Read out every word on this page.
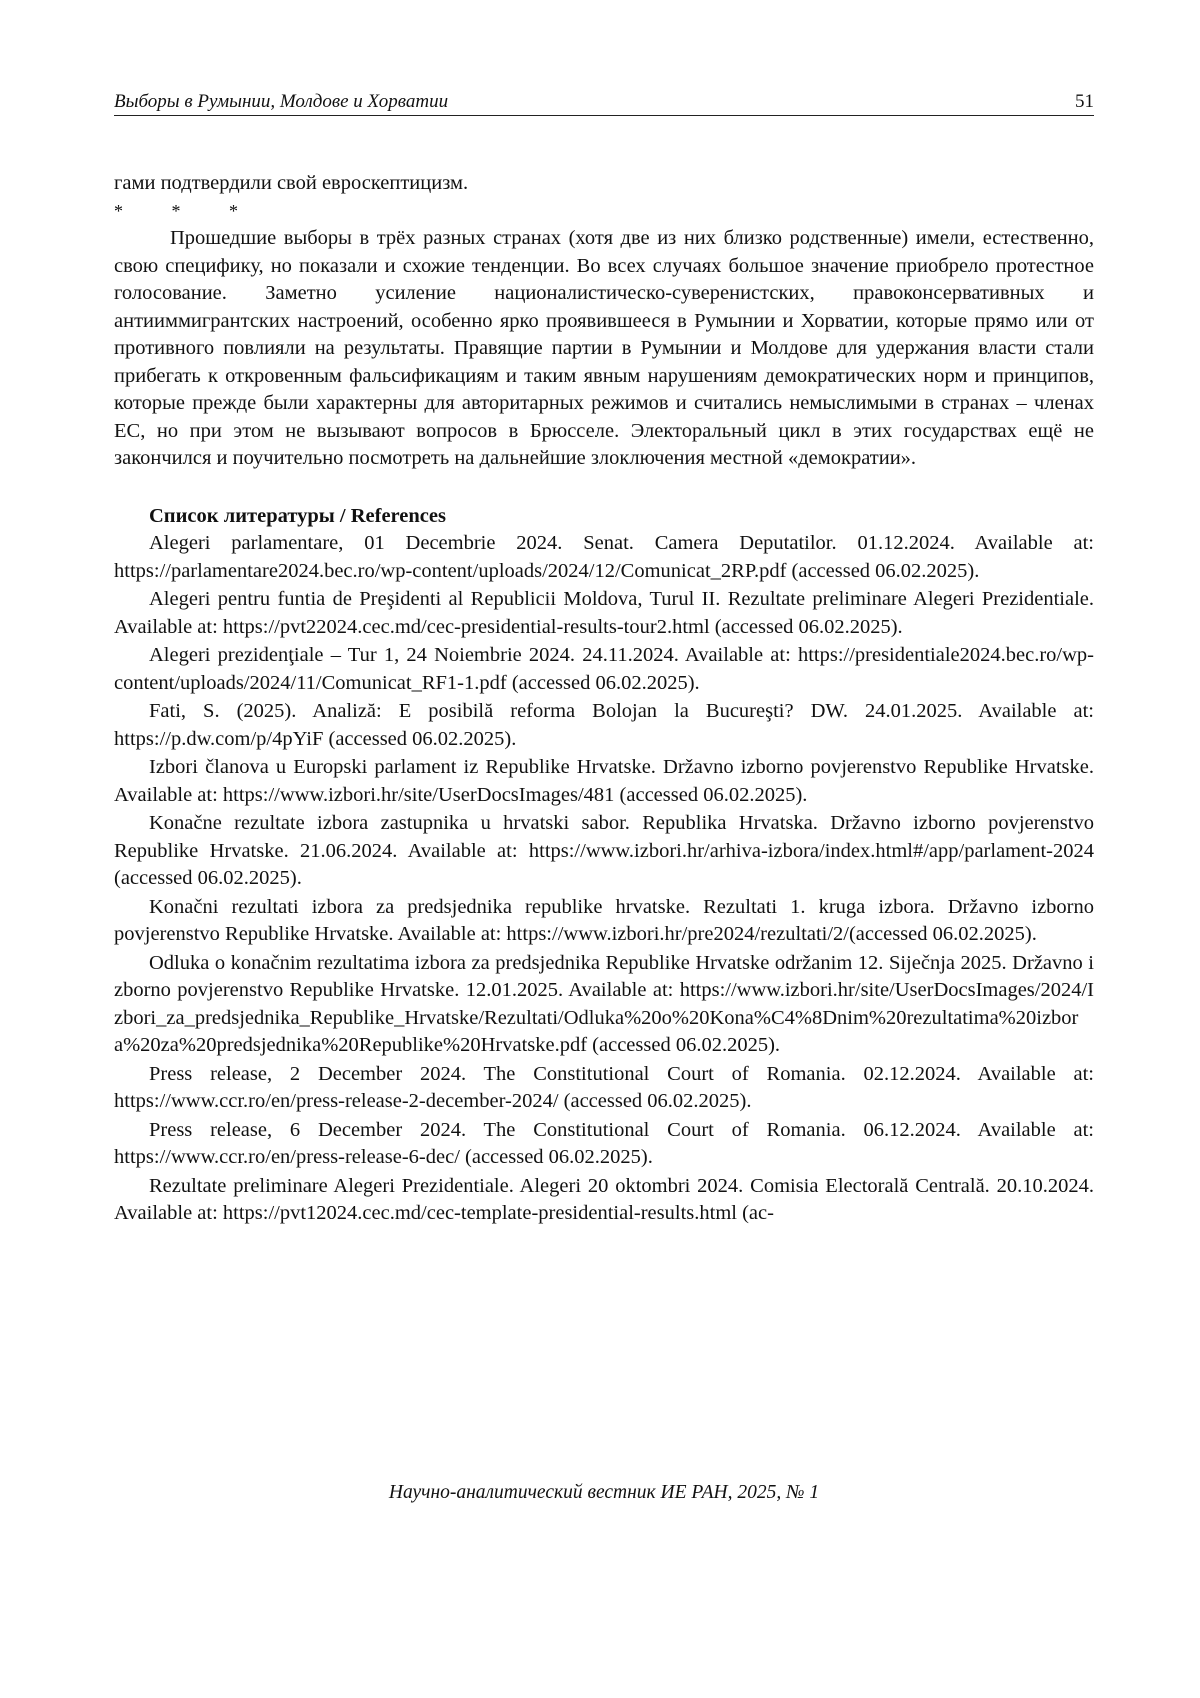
Выборы в Румынии, Молдове и Хорватии	51

гами подтвердили свой евроскептицизм.

* * *

Прошедшие выборы в трёх разных странах (хотя две из них близко родственные) имели, естественно, свою специфику, но показали и схожие тенденции. Во всех случаях большое значение приобрело протестное голосование. Заметно усиление националистическо-суверенистских, правоконсервативных и антииммигрантских настроений, особенно ярко проявившееся в Румынии и Хорватии, которые прямо или от противного повлияли на результаты. Правящие партии в Румынии и Молдове для удержания власти стали прибегать к откровенным фальсификациям и таким явным нарушениям демократических норм и принципов, которые прежде были характерны для авторитарных режимов и считались немыслимыми в странах – членах ЕС, но при этом не вызывают вопросов в Брюсселе. Электоральный цикл в этих государствах ещё не закончился и поучительно посмотреть на дальнейшие злоключения местной «демократии».

Список литературы / References

Alegeri parlamentare, 01 Decembrie 2024. Senat. Camera Deputatilor. 01.12.2024. Available at: https://parlamentare2024.bec.ro/wp-content/uploads/2024/12/Comunicat_2RP.pdf (accessed 06.02.2025).

Alegeri pentru funtia de Preşidenti al Republicii Moldova, Turul II. Rezultate preliminare Alegeri Prezidentiale. Available at: https://pvt22024.cec.md/cec-presidential-results-tour2.html (accessed 06.02.2025).

Alegeri prezidenţiale – Tur 1, 24 Noiembrie 2024. 24.11.2024. Available at: https://presidentiale2024.bec.ro/wp-content/uploads/2024/11/Comunicat_RF1-1.pdf (accessed 06.02.2025).

Fati, S. (2025). Analiză: E posibilă reforma Bolojan la Bucureşti? DW. 24.01.2025. Available at: https://p.dw.com/p/4pYiF (accessed 06.02.2025).

Izbori članova u Europski parlament iz Republike Hrvatske. Državno izborno povjerenstvo Republike Hrvatske. Available at: https://www.izbori.hr/site/UserDocsImages/481 (accessed 06.02.2025).

Konačne rezultate izbora zastupnika u hrvatski sabor. Republika Hrvatska. Državno izborno povjerenstvo Republike Hrvatske. 21.06.2024. Available at: https://www.izbori.hr/arhiva-izbora/index.html#/app/parlament-2024 (accessed 06.02.2025).

Konačni rezultati izbora za predsjednika republike hrvatske. Rezultati 1. kruga izbora. Državno izborno povjerenstvo Republike Hrvatske. Available at: https://www.izbori.hr/pre2024/rezultati/2/(accessed 06.02.2025).

Odluka o konačnim rezultatima izbora za predsjednika Republike Hrvatske održanim 12. Siječnja 2025. Državno izborno povjerenstvo Republike Hrvatske. 12.01.2025. Available at: https://www.izbori.hr/site/UserDocsImages/2024/Izbori_za_predsjednika_Republike_Hrvatske/Rezultati/Odluka%20o%20Kona%C4%8Dnim%20rezultatima%20izbora%20za%20predsjednika%20Republike%20Hrvatske.pdf (accessed 06.02.2025).

Press release, 2 December 2024. The Constitutional Court of Romania. 02.12.2024. Available at: https://www.ccr.ro/en/press-release-2-december-2024/ (accessed 06.02.2025).

Press release, 6 December 2024. The Constitutional Court of Romania. 06.12.2024. Available at: https://www.ccr.ro/en/press-release-6-dec/ (accessed 06.02.2025).

Rezultate preliminare Alegeri Prezidentiale. Alegeri 20 oktombri 2024. Comisia Electorală Centrală. 20.10.2024. Available at: https://pvt12024.cec.md/cec-template-presidential-results.html (ac-

Научно-аналитический вестник ИЕ РАН, 2025, № 1
